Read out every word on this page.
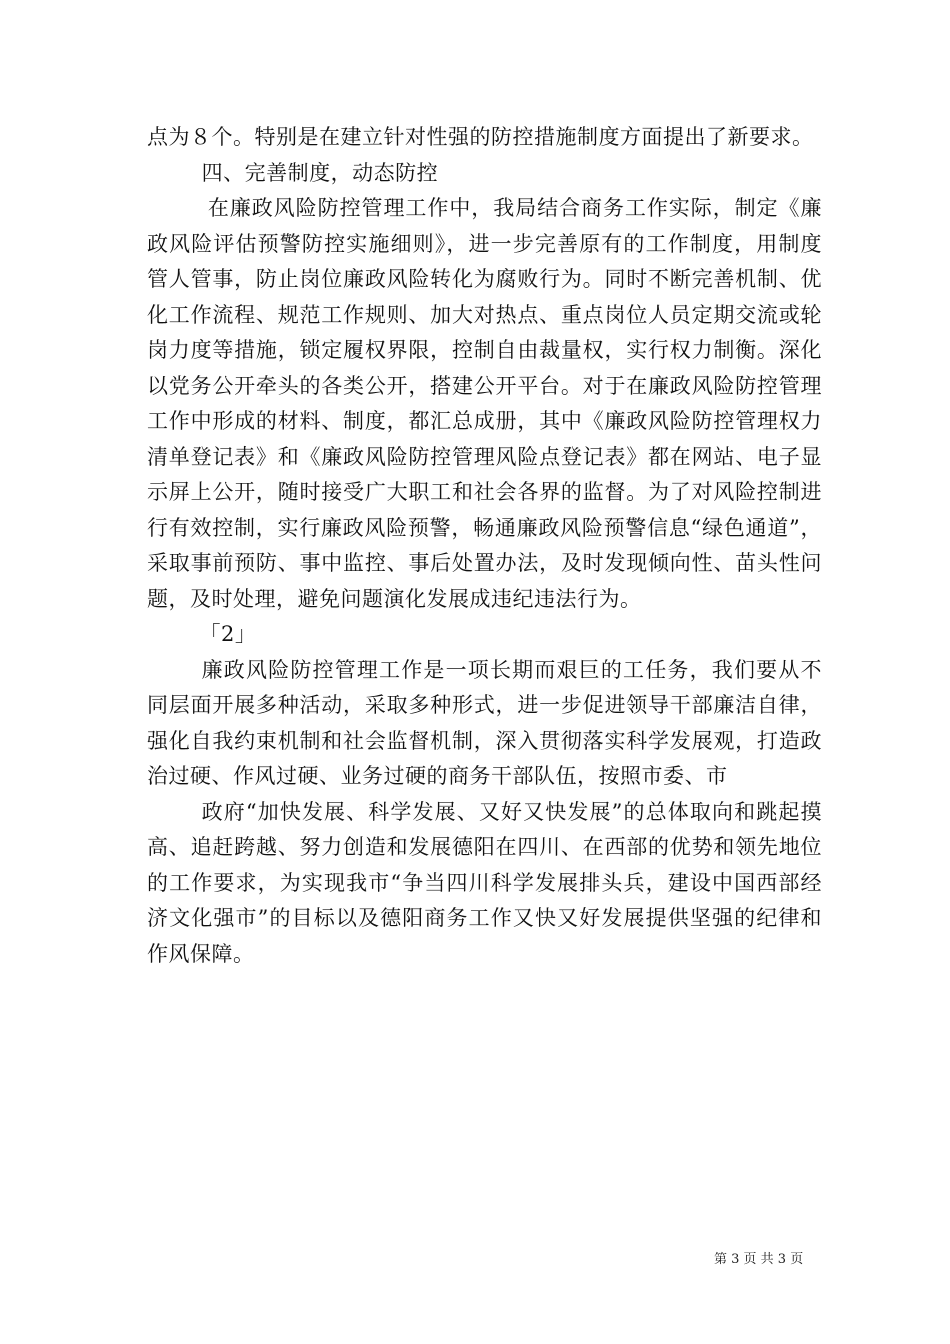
点为８个。特别是在建立针对性强的防控措施制度方面提出了新要求。

四、完善制度，动态防控

在廉政风险防控管理工作中，我局结合商务工作实际，制定《廉政风险评估预警防控实施细则》，进一步完善原有的工作制度，用制度管人管事，防止岗位廉政风险转化为腐败行为。同时不断完善机制、优化工作流程、规范工作规则、加大对热点、重点岗位人员定期交流或轮岗力度等措施，锁定履权界限，控制自由裁量权，实行权力制衡。深化以党务公开牵头的各类公开，搭建公开平台。对于在廉政风险防控管理工作中形成的材料、制度，都汇总成册，其中《廉政风险防控管理权力清单登记表》和《廉政风险防控管理风险点登记表》都在网站、电子显示屏上公开，随时接受广大职工和社会各界的监督。为了对风险控制进行有效控制，实行廉政风险预警，畅通廉政风险预警信息“绿色通道”，采取事前预防、事中监控、事后处置办法，及时发现倾向性、苗头性问题，及时处理，避免问题演化发展成违纪违法行为。

「2」

廉政风险防控管理工作是一项长期而艰巨的工任务，我们要从不同层面开展多种活动，采取多种形式，进一步促进领导干部廉洁自律，强化自我约束机制和社会监督机制，深入贯彻落实科学发展观，打造政治过硬、作风过硬、业务过硬的商务干部队伍，按照市委、市

政府“加快发展、科学发展、又好又快发展”的总体取向和跳起摸高、追赶跨越、努力创造和发展德阳在四川、在西部的优势和领先地位的工作要求，为实现我市“争当四川科学发展排头兵，建设中国西部经济文化强市”的目标以及德阳商务工作又快又好发展提供坚强的纪律和作风保障。

第 3 页 共 3 页
